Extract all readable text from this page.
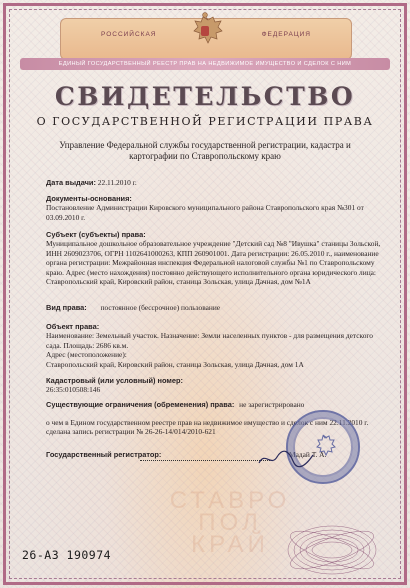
РОССИЙСКАЯ	ФЕДЕРАЦИЯ
ЕДИНЫЙ ГОСУДАРСТВЕННЫЙ РЕЕСТР ПРАВ НА НЕДВИЖИМОЕ ИМУЩЕСТВО И СДЕЛОК С НИМ
СВИДЕТЕЛЬСТВО
О ГОСУДАРСТВЕННОЙ РЕГИСТРАЦИИ ПРАВА
Управление Федеральной службы государственной регистрации, кадастра и картографии по Ставропольскому краю
Дата выдачи: 22.11.2010 г.
Документы-основания:
Постановление Администрации Кировского муниципального района Ставропольского края №301 от 03.09.2010 г.
Субъект (субъекты) права:
Муниципальное дошкольное образовательное учреждение "Детский сад №8 "Ивушка" станицы Зольской, ИНН 2609023706, ОГРН 1102641000263, КПП 260901001. Дата регистрации: 26.05.2010 г., наименование органа регистрации: Межрайонная инспекция Федеральной налоговой службы №1 по Ставропольскому краю. Адрес (место нахождения) постоянно действующего исполнительного органа юридического лица: Ставропольский край, Кировский район, станица Зольская, улица Дачная, дом №1А
Вид права: постоянное (бессрочное) пользование
Объект права:
Наименование: Земельный участок. Назначение: Земли населенных пунктов - для размещения детского сада. Площадь: 2686 кв.м.
Адрес (местоположение):
Ставропольский край, Кировский район, станица Зольская, улица Дачная, дом 1А
Кадастровый (или условный) номер:
26:35:010508:146
Существующие ограничения (обременения) права: не зарегистрировано
о чем в Едином государственном реестре прав на недвижимое имущество и сделок с ним 22.11.2010 г. сделана запись регистрации № 26-26-14/014/2010-621
Государственный регистратор:	Мадай Т. А.
СТАВРО
ПОЛ
КРАЙ
26-АЗ 190974
